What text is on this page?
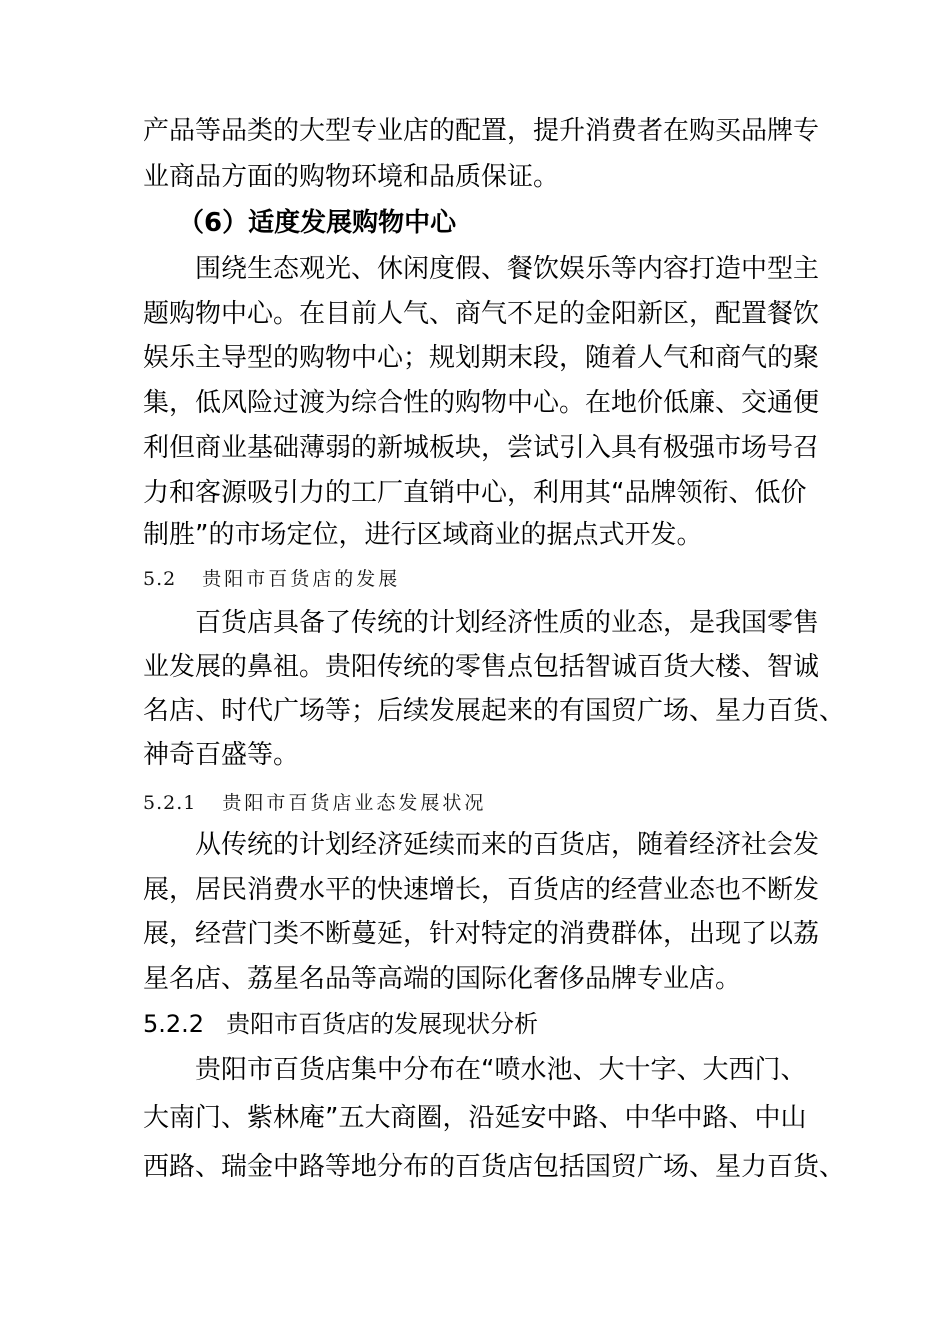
产品等品类的大型专业店的配置，提升消费者在购买品牌专
业商品方面的购物环境和品质保证。
（6）适度发展购物中心
围绕生态观光、休闲度假、餐饮娱乐等内容打造中型主
题购物中心。在目前人气、商气不足的金阳新区，配置餐饮
娱乐主导型的购物中心；规划期末段，随着人气和商气的聚
集，低风险过渡为综合性的购物中心。在地价低廉、交通便
利但商业基础薄弱的新城板块，尝试引入具有极强市场号召
力和客源吸引力的工厂直销中心，利用其“品牌领衔、低价
制胜”的市场定位，进行区域商业的据点式开发。
5.2 贵阳市百货店的发展
百货店具备了传统的计划经济性质的业态，是我国零售
业发展的鼻祖。贵阳传统的零售点包括智诚百货大楼、智诚
名店、时代广场等；后续发展起来的有国贸广场、星力百货、
神奇百盛等。
5.2.1 贵阳市百货店业态发展状况
从传统的计划经济延续而来的百货店，随着经济社会发
展，居民消费水平的快速增长，百货店的经营业态也不断发
展，经营门类不断蔓延，针对特定的消费群体，出现了以荔
星名店、荔星名品等高端的国际化奢侈品牌专业店。
5.2.2 贵阳市百货店的发展现状分析
贵阳市百货店集中分布在“喷水池、大十字、大西门、
大南门、紫林庵”五大商圈，沿延安中路、中华中路、中山
西路、瑞金中路等地分布的百货店包括国贸广场、星力百货、
